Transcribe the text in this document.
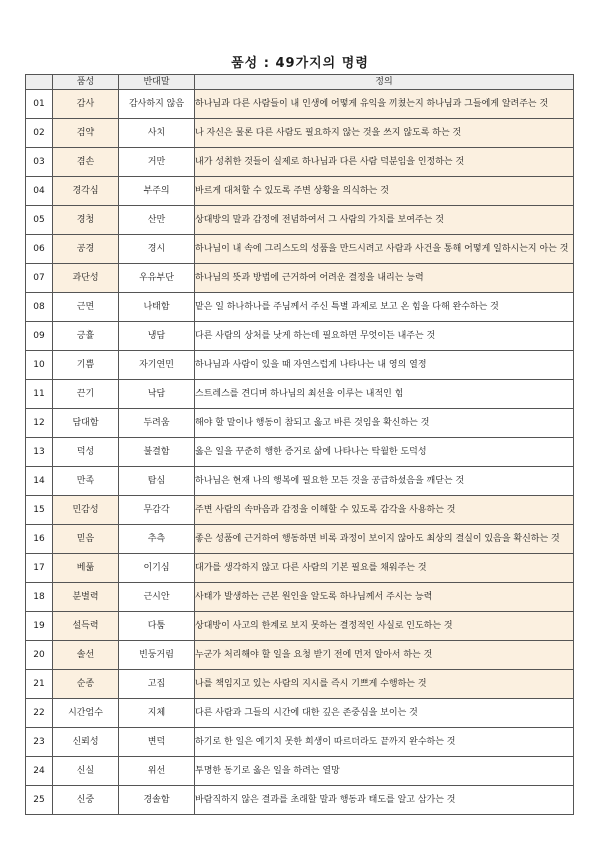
품성 : 49가지의 명령
	품성	반대말	정의
01	감사	감사하지 않음	하나님과 다른 사람들이 내 인생에 어떻게 유익을 끼쳤는지 하나님과 그들에게 알려주는 것
02	검약	사치	나 자신은 물론 다른 사람도 필요하지 않는 것을 쓰지 않도록 하는 것
03	겸손	거만	내가 성취한 것들이 실제로 하나님과 다른 사람 덕분임을 인정하는 것
04	경각심	부주의	바르게 대처할 수 있도록 주변 상황을 의식하는 것
05	경청	산만	상대방의 말과 감정에 전념하여서 그 사람의 가치를 보여주는 것
06	공경	경시	하나님이 내 속에 그리스도의 성품을 만드시려고 사람과 사건을 통해 어떻게 일하시는지 아는 것
07	과단성	우유부단	하나님의 뜻과 방법에 근거하여 어려운 결정을 내리는 능력
08	근면	나태함	맡은 일 하나하나를 주님께서 주신 특별 과제로 보고 온 힘을 다해 완수하는 것
09	긍휼	냉담	다른 사람의 상처를 낫게 하는데 필요하면 무엇이든 내주는 것
10	기쁨	자기연민	하나님과 사람이 있을 때 자연스럽게 나타나는 내 영의 열정
11	끈기	낙담	스트레스를 견디며 하나님의 최선을 이루는 내적인 힘
12	담대함	두려움	해야 할 말이나 행동이 참되고 옳고 바른 것임을 확신하는 것
13	덕성	불결함	옳은 일을 꾸준히 행한 증거로 삶에 나타나는 탁월한 도덕성
14	만족	탐심	하나님은 현재 나의 행복에 필요한 모든 것을 공급하셨음을 깨닫는 것
15	민감성	무감각	주변 사람의 속마음과 감정을 이해할 수 있도록 감각을 사용하는 것
16	믿음	추측	좋은 성품에 근거하여 행동하면 비록 과정이 보이지 않아도 최상의 결실이 있음을 확신하는 것
17	베풂	이기심	대가를 생각하지 않고 다른 사람의 기본 필요를 채워주는 것
18	분별력	근시안	사태가 발생하는 근본 원인을 알도록 하나님께서 주시는 능력
19	설득력	다툼	상대방이 사고의 한계로 보지 못하는 결정적인 사실로 인도하는 것
20	솔선	빈둥거림	누군가 처리해야 할 일을 요청 받기 전에 먼저 알아서 하는 것
21	순종	고집	나를 책임지고 있는 사람의 지시를 즉시 기쁘게 수행하는 것
22	시간엄수	지체	다른 사람과 그들의 시간에 대한 깊은 존중심을 보이는 것
23	신뢰성	변덕	하기로 한 일은 예기치 못한 희생이 따르더라도 끝까지 완수하는 것
24	신실	위선	투명한 동기로 옳은 일을 하려는 열망
25	신중	경솔함	바람직하지 않은 결과를 초래할 말과 행동과 태도를 알고 삼가는 것
